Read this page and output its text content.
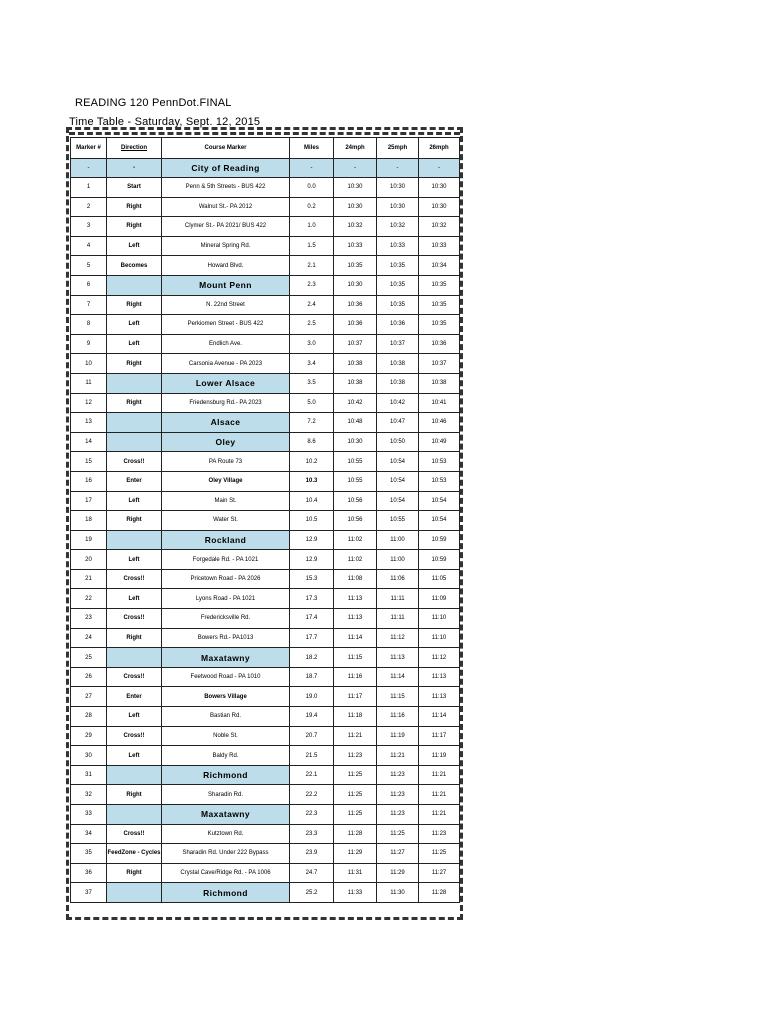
READING 120 PennDot.FINAL
Time Table - Saturday, Sept. 12, 2015
Marker #	Direction	Course Marker	Miles	24mph	25mph	26mph
-	-	City of Reading	-	-	-	-
1	Start	Penn & 5th Streets - BUS 422	0.0	10:30	10:30	10:30
2	Right	Walnut St.- PA 2012	0.2	10:30	10:30	10:30
3	Right	Clymer St.- PA 2021/ BUS 422	1.0	10:32	10:32	10:32
4	Left	Mineral Spring Rd.	1.5	10:33	10:33	10:33
5	Becomes	Howard Blvd.	2.1	10:35	10:35	10:34
6		Mount Penn	2.3	10:30	10:35	10:35
7	Right	N. 22nd Street	2.4	10:36	10:35	10:35
8	Left	Perkiomen Street - BUS 422	2.5	10:36	10:36	10:35
9	Left	Endlich Ave.	3.0	10:37	10:37	10:36
10	Right	Carsonia Avenue - PA 2023	3.4	10:38	10:38	10:37
11		Lower Alsace	3.5	10:38	10:38	10:38
12	Right	Friedensburg Rd.- PA 2023	5.0	10:42	10:42	10:41
13		Alsace	7.2	10:48	10:47	10:46
14		Oley	8.6	10:30	10:50	10:49
15	Cross!!	PA Route 73	10.2	10:55	10:54	10:53
16	Enter	Oley Village	10.3	10:55	10:54	10:53
17	Left	Main St.	10.4	10:56	10:54	10:54
18	Right	Water St.	10.5	10:56	10:55	10:54
19		Rockland	12.9	11:02	11:00	10:59
20	Left	Forgedale Rd. - PA 1021	12.9	11:02	11:00	10:59
21	Cross!!	Pricetown Road - PA 2026	15.3	11:08	11:06	11:05
22	Left	Lyons Road - PA 1021	17.3	11:13	11:11	11:09
23	Cross!!	Fredericksville Rd.	17.4	11:13	11:11	11:10
24	Right	Bowers Rd.- PA1013	17.7	11:14	11:12	11:10
25		Maxatawny	18.2	11:15	11:13	11:12
26	Cross!!	Feetwood Road - PA 1010	18.7	11:16	11:14	11:13
27	Enter	Bowers Village	19.0	11:17	11:15	11:13
28	Left	Bastian Rd.	19.4	11:18	11:16	11:14
29	Cross!!	Noble St.	20.7	11:21	11:19	11:17
30	Left	Baldy Rd.	21.5	11:23	11:21	11:19
31		Richmond	22.1	11:25	11:23	11:21
32	Right	Sharadin Rd.	22.2	11:25	11:23	11:21
33		Maxatawny	22.3	11:25	11:23	11:21
34	Cross!!	Kutztown Rd.	23.3	11:28	11:25	11:23
35	FeedZone - Cycles	Sharadin Rd. Under 222 Bypass	23.9	11:29	11:27	11:25
36	Right	Crystal Cave/Ridge Rd. - PA 1006	24.7	11:31	11:29	11:27
37		Richmond	25.2	11:33	11:30	11:28
